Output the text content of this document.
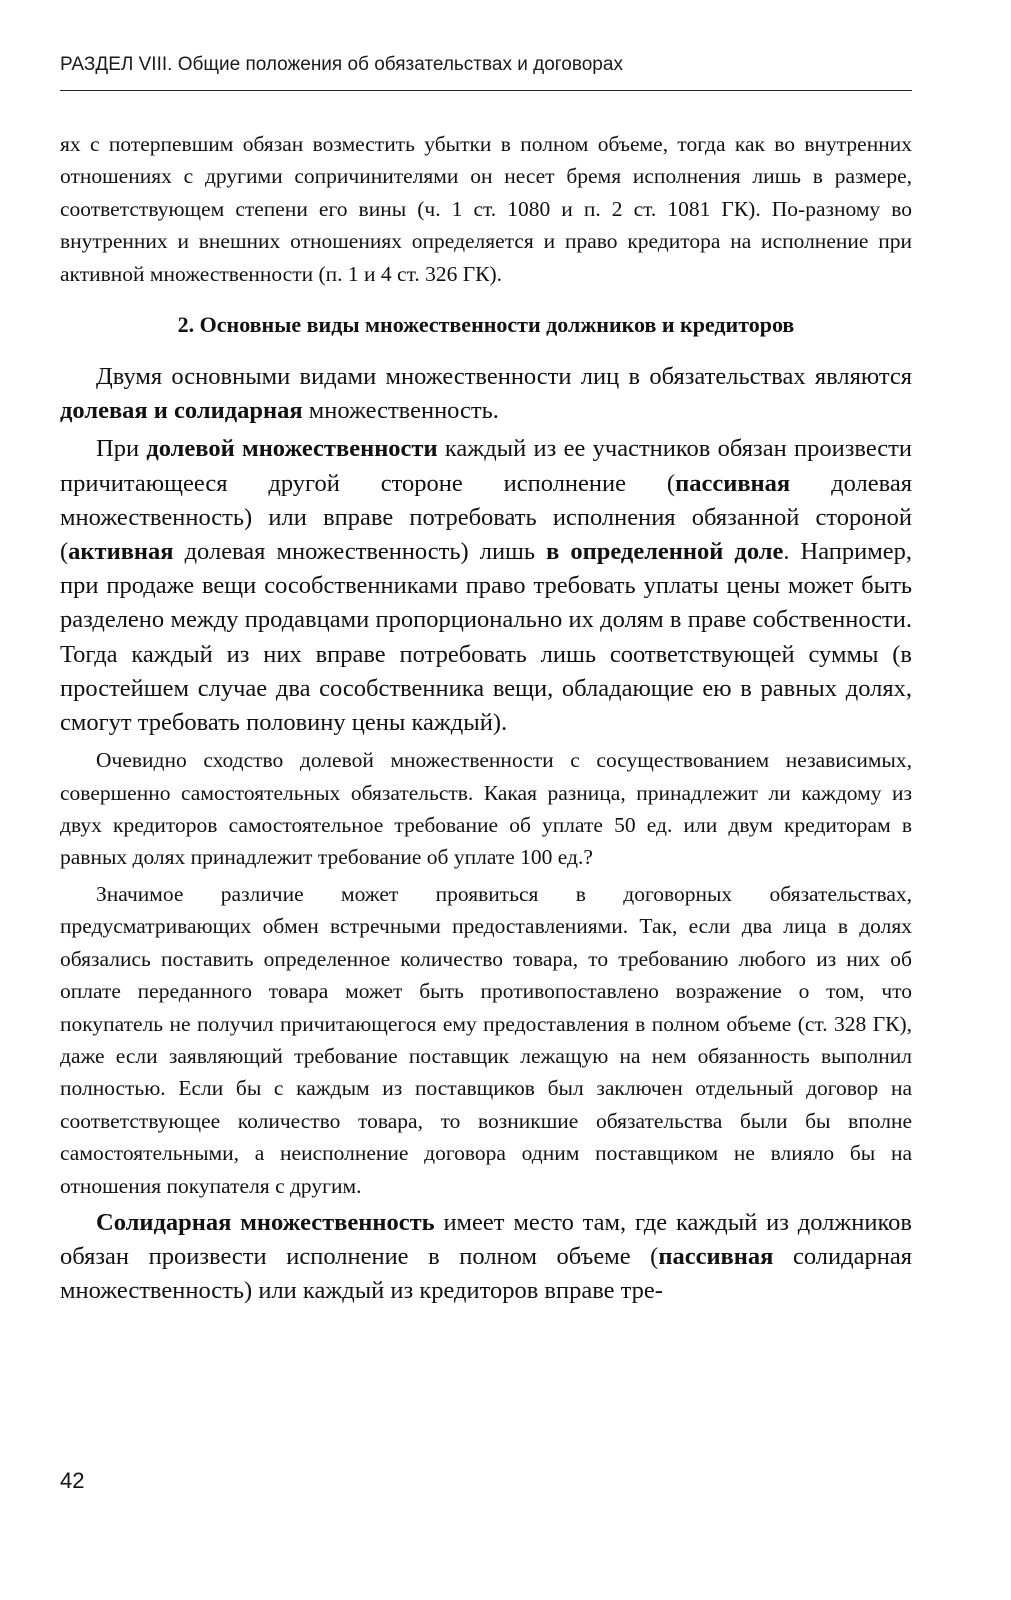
РАЗДЕЛ VIII. Общие положения об обязательствах и договорах

ях с потерпевшим обязан возместить убытки в полном объеме, тогда как во внутренних отношениях с другими сопричинителями он несет бремя исполнения лишь в размере, соответствующем степени его вины (ч. 1 ст. 1080 и п. 2 ст. 1081 ГК). По-разному во внутренних и внешних отношениях определяется и право кредитора на исполнение при активной множественности (п. 1 и 4 ст. 326 ГК).

2. Основные виды множественности должников и кредиторов

Двумя основными видами множественности лиц в обязательствах являются долевая и солидарная множественность.

При долевой множественности каждый из ее участников обязан произвести причитающееся другой стороне исполнение (пассивная долевая множественность) или вправе потребовать исполнения обязанной стороной (активная долевая множественность) лишь в определенной доле. Например, при продаже вещи сособственниками право требовать уплаты цены может быть разделено между продавцами пропорционально их долям в праве собственности. Тогда каждый из них вправе потребовать лишь соответствующей суммы (в простейшем случае два сособственника вещи, обладающие ею в равных долях, смогут требовать половину цены каждый).

Очевидно сходство долевой множественности с сосуществованием независимых, совершенно самостоятельных обязательств. Какая разница, принадлежит ли каждому из двух кредиторов самостоятельное требование об уплате 50 ед. или двум кредиторам в равных долях принадлежит требование об уплате 100 ед.?

Значимое различие может проявиться в договорных обязательствах, предусматривающих обмен встречными предоставлениями. Так, если два лица в долях обязались поставить определенное количество товара, то требованию любого из них об оплате переданного товара может быть противопоставлено возражение о том, что покупатель не получил причитающегося ему предоставления в полном объеме (ст. 328 ГК), даже если заявляющий требование поставщик лежащую на нем обязанность выполнил полностью. Если бы с каждым из поставщиков был заключен отдельный договор на соответствующее количество товара, то возникшие обязательства были бы вполне самостоятельными, а неисполнение договора одним поставщиком не влияло бы на отношения покупателя с другим.

Солидарная множественность имеет место там, где каждый из должников обязан произвести исполнение в полном объеме (пассивная солидарная множественность) или каждый из кредиторов вправе тре-

42
